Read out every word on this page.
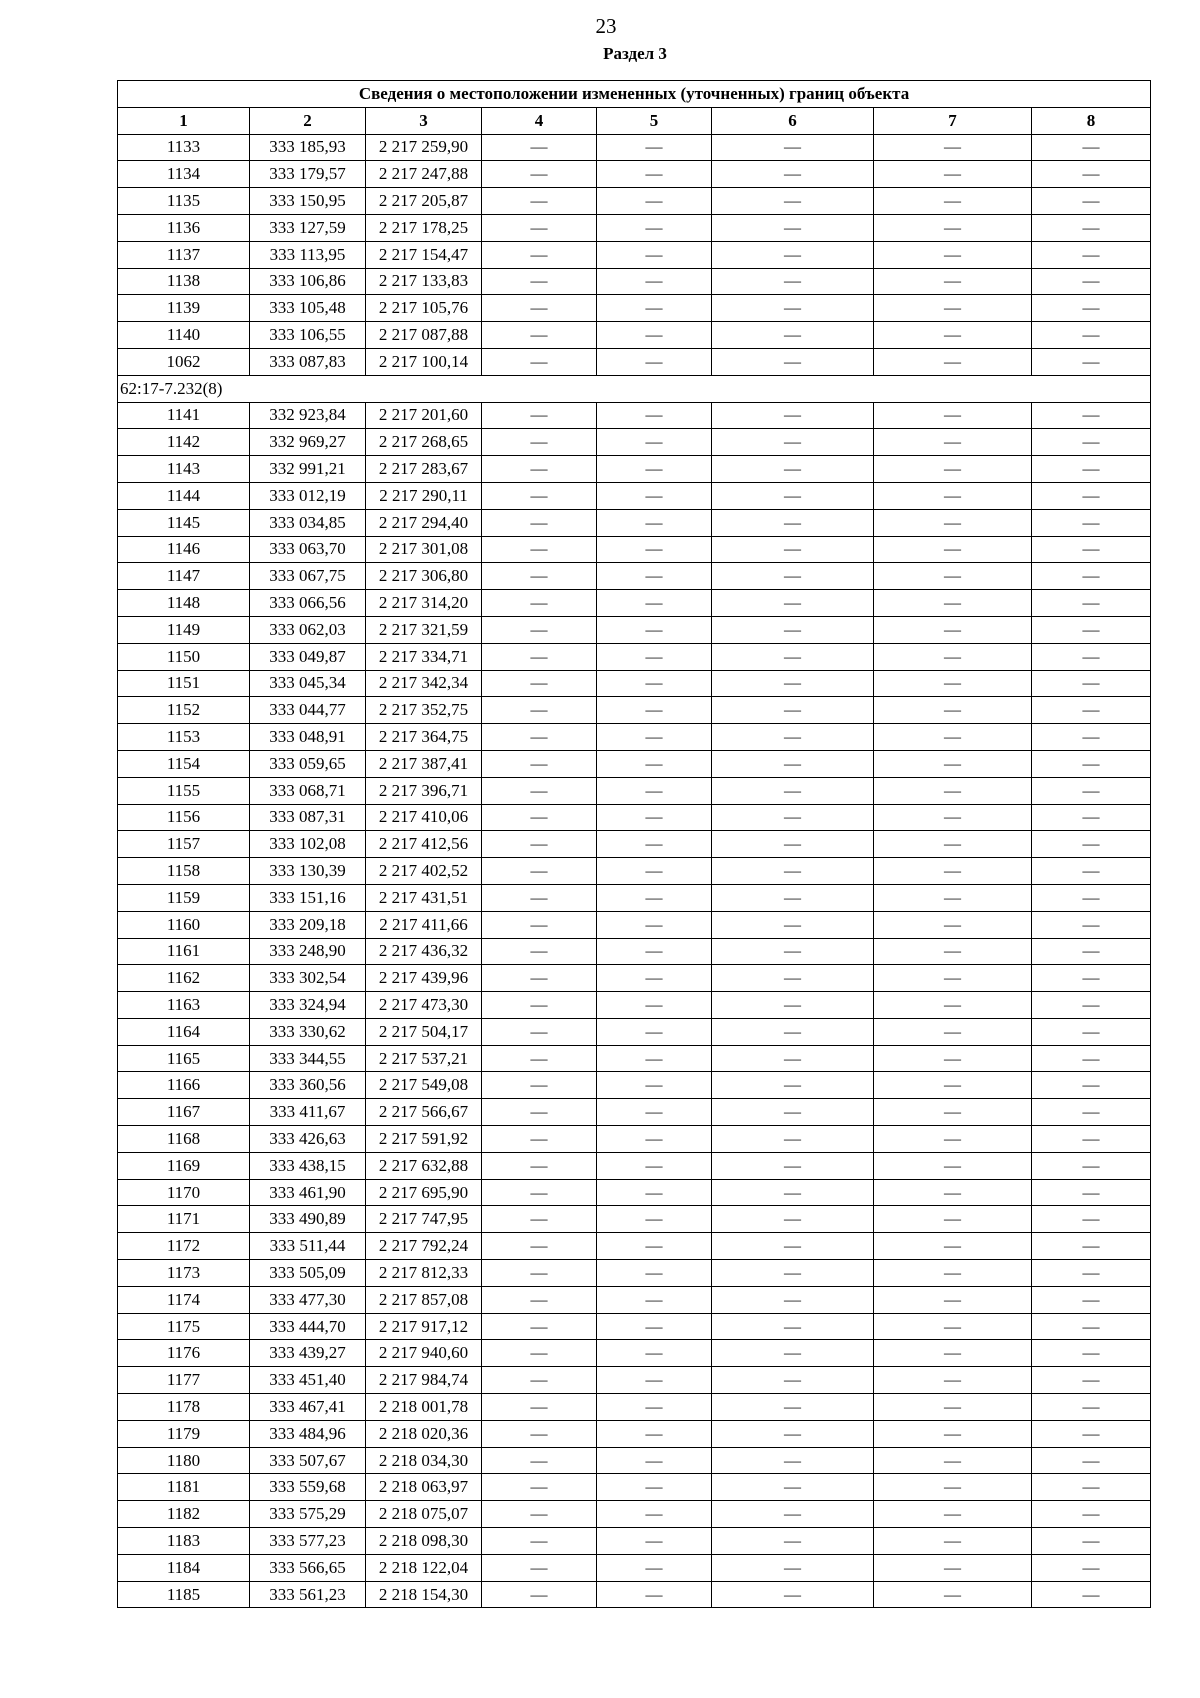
23
Раздел 3
Сведения о местоположении измененных (уточненных) границ объекта							
1	2	3	4	5	6	7	8
1133	333 185,93	2 217 259,90	—	—	—	—	—
1134	333 179,57	2 217 247,88	—	—	—	—	—
1135	333 150,95	2 217 205,87	—	—	—	—	—
1136	333 127,59	2 217 178,25	—	—	—	—	—
1137	333 113,95	2 217 154,47	—	—	—	—	—
1138	333 106,86	2 217 133,83	—	—	—	—	—
1139	333 105,48	2 217 105,76	—	—	—	—	—
1140	333 106,55	2 217 087,88	—	—	—	—	—
1062	333 087,83	2 217 100,14	—	—	—	—	—
62:17-7.232(8)							
1141	332 923,84	2 217 201,60	—	—	—	—	—
1142	332 969,27	2 217 268,65	—	—	—	—	—
1143	332 991,21	2 217 283,67	—	—	—	—	—
1144	333 012,19	2 217 290,11	—	—	—	—	—
1145	333 034,85	2 217 294,40	—	—	—	—	—
1146	333 063,70	2 217 301,08	—	—	—	—	—
1147	333 067,75	2 217 306,80	—	—	—	—	—
1148	333 066,56	2 217 314,20	—	—	—	—	—
1149	333 062,03	2 217 321,59	—	—	—	—	—
1150	333 049,87	2 217 334,71	—	—	—	—	—
1151	333 045,34	2 217 342,34	—	—	—	—	—
1152	333 044,77	2 217 352,75	—	—	—	—	—
1153	333 048,91	2 217 364,75	—	—	—	—	—
1154	333 059,65	2 217 387,41	—	—	—	—	—
1155	333 068,71	2 217 396,71	—	—	—	—	—
1156	333 087,31	2 217 410,06	—	—	—	—	—
1157	333 102,08	2 217 412,56	—	—	—	—	—
1158	333 130,39	2 217 402,52	—	—	—	—	—
1159	333 151,16	2 217 431,51	—	—	—	—	—
1160	333 209,18	2 217 411,66	—	—	—	—	—
1161	333 248,90	2 217 436,32	—	—	—	—	—
1162	333 302,54	2 217 439,96	—	—	—	—	—
1163	333 324,94	2 217 473,30	—	—	—	—	—
1164	333 330,62	2 217 504,17	—	—	—	—	—
1165	333 344,55	2 217 537,21	—	—	—	—	—
1166	333 360,56	2 217 549,08	—	—	—	—	—
1167	333 411,67	2 217 566,67	—	—	—	—	—
1168	333 426,63	2 217 591,92	—	—	—	—	—
1169	333 438,15	2 217 632,88	—	—	—	—	—
1170	333 461,90	2 217 695,90	—	—	—	—	—
1171	333 490,89	2 217 747,95	—	—	—	—	—
1172	333 511,44	2 217 792,24	—	—	—	—	—
1173	333 505,09	2 217 812,33	—	—	—	—	—
1174	333 477,30	2 217 857,08	—	—	—	—	—
1175	333 444,70	2 217 917,12	—	—	—	—	—
1176	333 439,27	2 217 940,60	—	—	—	—	—
1177	333 451,40	2 217 984,74	—	—	—	—	—
1178	333 467,41	2 218 001,78	—	—	—	—	—
1179	333 484,96	2 218 020,36	—	—	—	—	—
1180	333 507,67	2 218 034,30	—	—	—	—	—
1181	333 559,68	2 218 063,97	—	—	—	—	—
1182	333 575,29	2 218 075,07	—	—	—	—	—
1183	333 577,23	2 218 098,30	—	—	—	—	—
1184	333 566,65	2 218 122,04	—	—	—	—	—
1185	333 561,23	2 218 154,30	—	—	—	—	—
